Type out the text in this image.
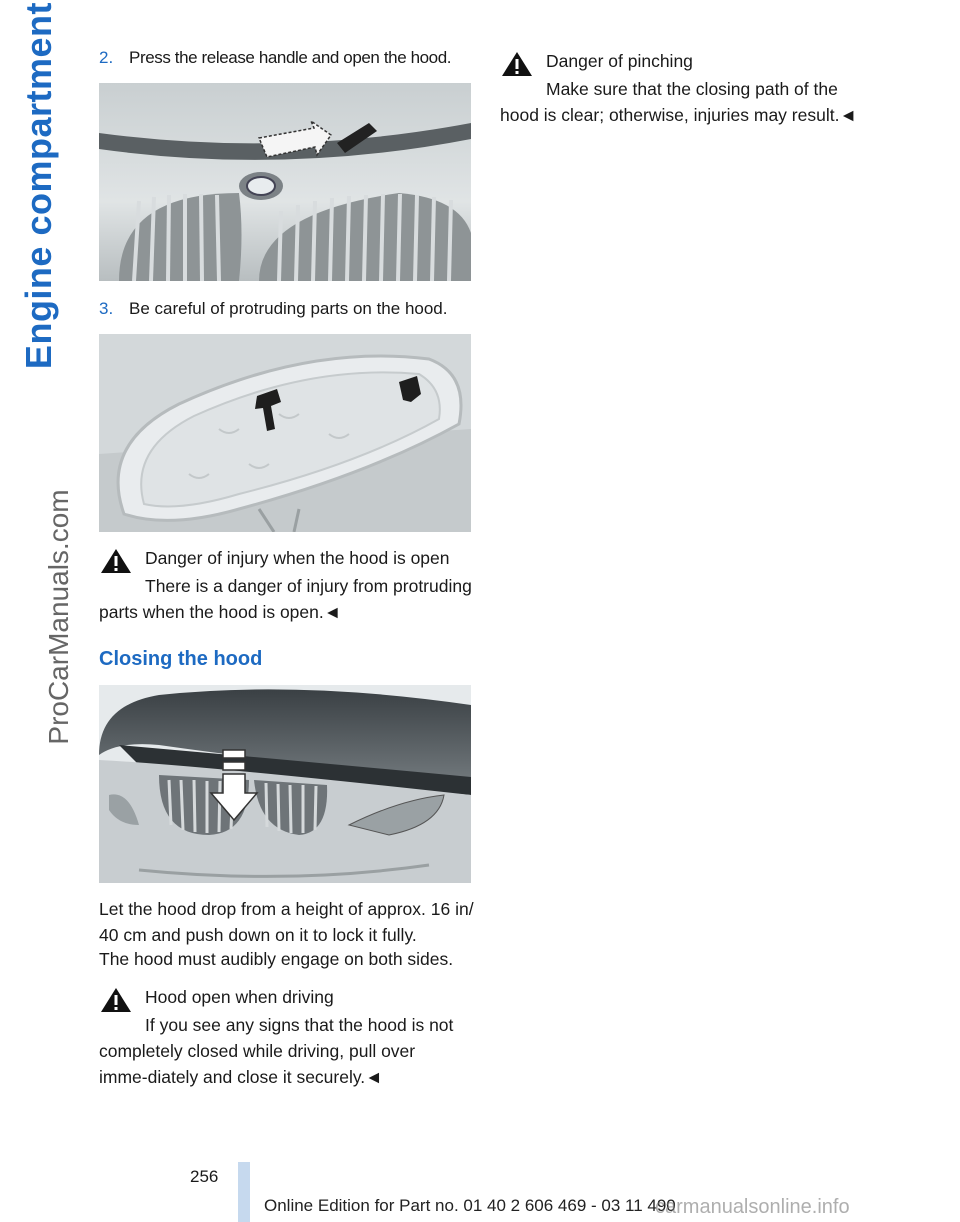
Engine compartment
ProCarManuals.com
2. Press the release handle and open the hood.
3. Be careful of protruding parts on the hood.
Danger of injury when the hood is open
There is a danger of injury from protruding parts when the hood is open.◄
Closing the hood
Let the hood drop from a height of approx. 16 in/ 40 cm and push down on it to lock it fully.
The hood must audibly engage on both sides.
Hood open when driving
If you see any signs that the hood is not completely closed while driving, pull over imme‑diately and close it securely.◄
Danger of pinching
Make sure that the closing path of the hood is clear; otherwise, injuries may result.◄
256
Online Edition for Part no. 01 40 2 606 469 - 03 11 490
carmanualsonline.info
